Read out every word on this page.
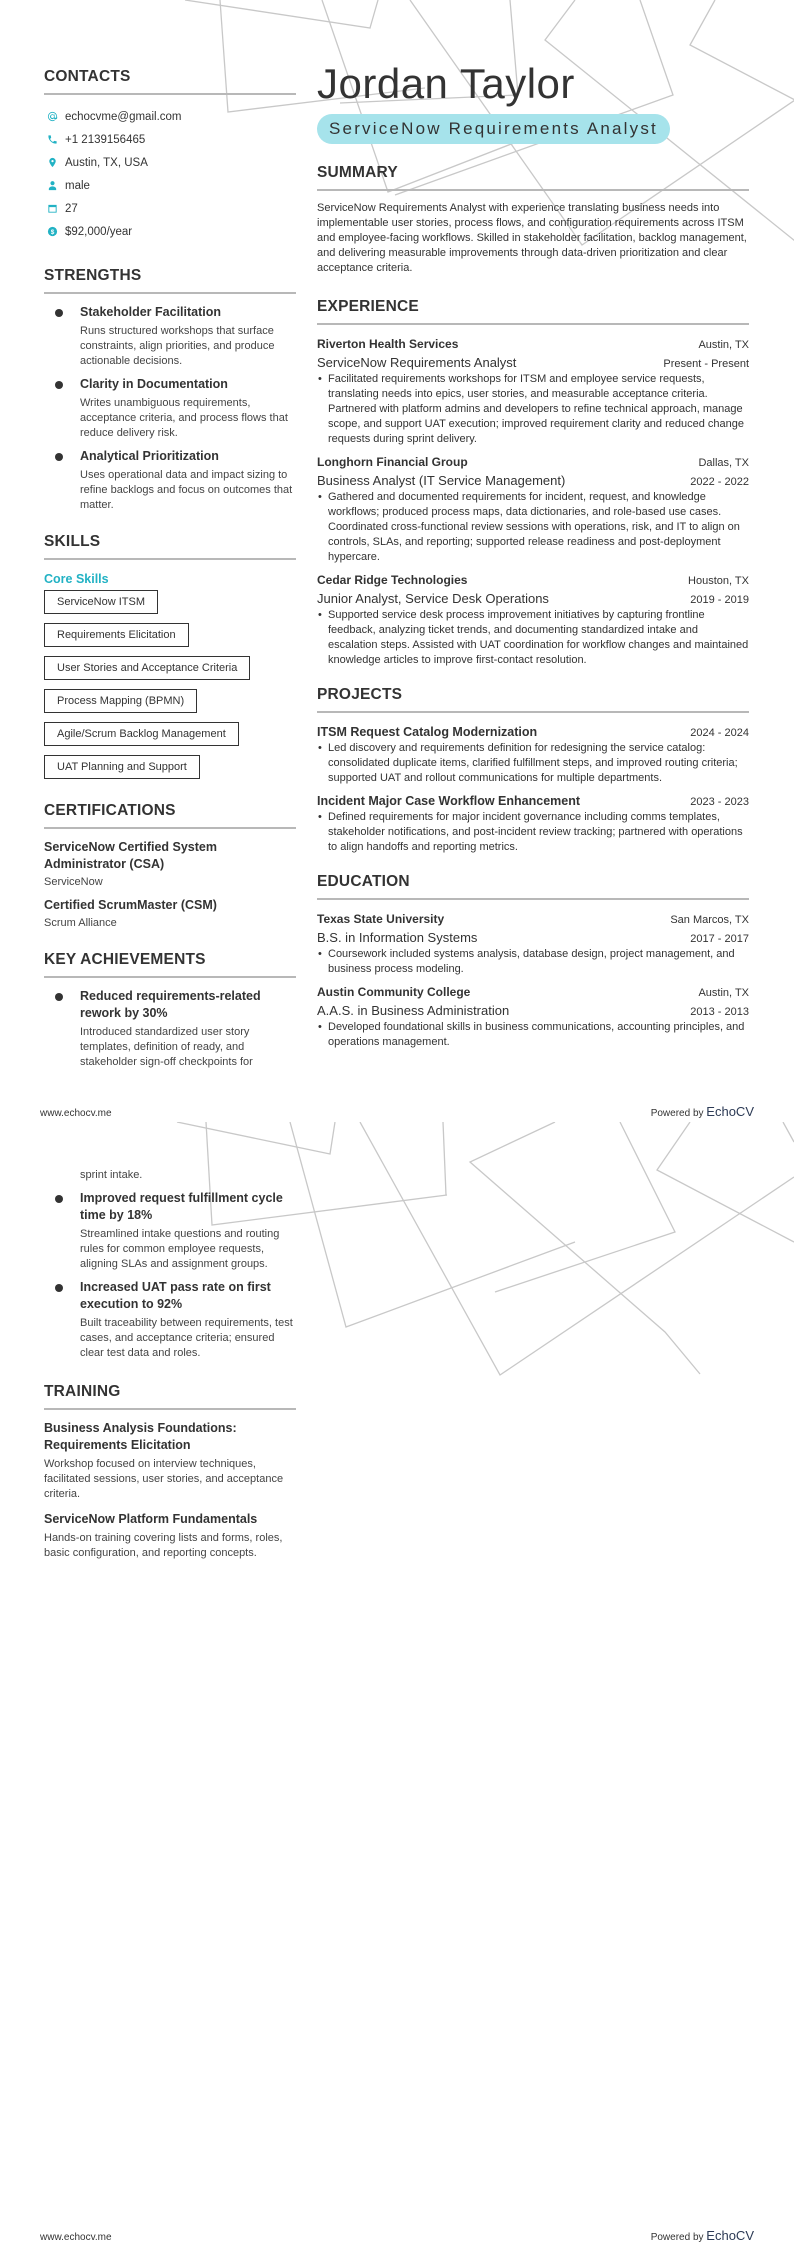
CONTACTS
echocvme@gmail.com
+1 2139156465
Austin, TX, USA
male
27
$ $92,000/year
STRENGTHS
Stakeholder Facilitation
Runs structured workshops that surface constraints, align priorities, and produce actionable decisions.
Clarity in Documentation
Writes unambiguous requirements, acceptance criteria, and process flows that reduce delivery risk.
Analytical Prioritization
Uses operational data and impact sizing to refine backlogs and focus on outcomes that matter.
SKILLS
Core Skills
ServiceNow ITSM
Requirements Elicitation
User Stories and Acceptance Criteria
Process Mapping (BPMN)
Agile/Scrum Backlog Management
UAT Planning and Support
CERTIFICATIONS
ServiceNow Certified System Administrator (CSA)
ServiceNow
Certified ScrumMaster (CSM)
Scrum Alliance
KEY ACHIEVEMENTS
Reduced requirements-related rework by 30%
Introduced standardized user story templates, definition of ready, and stakeholder sign-off checkpoints for
Jordan Taylor
ServiceNow Requirements Analyst
SUMMARY

ServiceNow Requirements Analyst with experience translating business needs into implementable user stories, process flows, and configuration requirements across ITSM and employee-facing workflows. Skilled in stakeholder facilitation, backlog management, and delivering measurable improvements through data-driven prioritization and clear acceptance criteria.

EXPERIENCE
Riverton Health Services	Austin, TX
ServiceNow Requirements Analyst	Present - Present
• Facilitated requirements workshops for ITSM and employee service requests, translating needs into epics, user stories, and measurable acceptance criteria. Partnered with platform admins and developers to refine technical approach, manage scope, and support UAT execution; improved requirement clarity and reduced change requests during sprint delivery.
Longhorn Financial Group	Dallas, TX
Business Analyst (IT Service Management)	2022 - 2022
• Gathered and documented requirements for incident, request, and knowledge workflows; produced process maps, data dictionaries, and role-based use cases. Coordinated cross-functional review sessions with operations, risk, and IT to align on controls, SLAs, and reporting; supported release readiness and post-deployment hypercare.
Cedar Ridge Technologies	Houston, TX
Junior Analyst, Service Desk Operations	2019 - 2019
• Supported service desk process improvement initiatives by capturing frontline feedback, analyzing ticket trends, and documenting standardized intake and escalation steps. Assisted with UAT coordination for workflow changes and maintained knowledge articles to improve first-contact resolution.
PROJECTS
ITSM Request Catalog Modernization	2024 - 2024
• Led discovery and requirements definition for redesigning the service catalog: consolidated duplicate items, clarified fulfillment steps, and improved routing criteria; supported UAT and rollout communications for multiple departments.
Incident Major Case Workflow Enhancement	2023 - 2023
• Defined requirements for major incident governance including comms templates, stakeholder notifications, and post-incident review tracking; partnered with operations to align handoffs and reporting metrics.
EDUCATION
Texas State University	San Marcos, TX
B.S. in Information Systems	2017 - 2017
• Coursework included systems analysis, database design, project management, and business process modeling.
Austin Community College	Austin, TX
A.A.S. in Business Administration	2013 - 2013
• Developed foundational skills in business communications, accounting principles, and operations management.
www.echocv.me	Powered by EchoCV
sprint intake.
Improved request fulfillment cycle time by 18%
Streamlined intake questions and routing rules for common employee requests, aligning SLAs and assignment groups.
Increased UAT pass rate on first execution to 92%
Built traceability between requirements, test cases, and acceptance criteria; ensured clear test data and roles.
TRAINING
Business Analysis Foundations: Requirements Elicitation
Workshop focused on interview techniques, facilitated sessions, user stories, and acceptance criteria.
ServiceNow Platform Fundamentals
Hands-on training covering lists and forms, roles, basic configuration, and reporting concepts.
www.echocv.me	Powered by EchoCV
